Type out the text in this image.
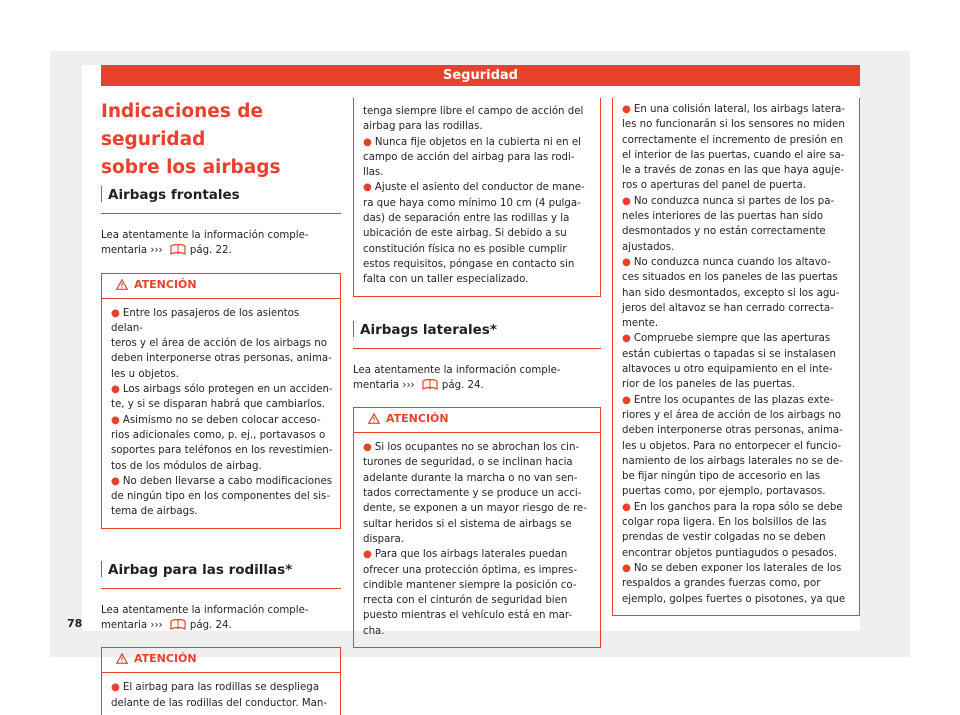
Seguridad
Indicaciones de seguridad
sobre los airbags
Airbags frontales

Lea atentamente la información comple-
mentaria ›››	pág. 22.

ATENCIÓN

● Entre los pasajeros de los asientos delan-
teros y el área de acción de los airbags no
deben interponerse otras personas, anima-
les u objetos.

● Los airbags sólo protegen en un acciden-
te, y si se disparan habrá que cambiarlos.

● Asimismo no se deben colocar acceso-
rios adicionales como, p. ej., portavasos o
soportes para teléfonos en los revestimien-
tos de los módulos de airbag.

● No deben llevarse a cabo modificaciones
de ningún tipo en los componentes del sis-
tema de airbags.

Airbag para las rodillas*

Lea atentamente la información comple-
mentaria ›››	pág. 24.

ATENCIÓN

● El airbag para las rodillas se despliega
delante de las rodillas del conductor. Man-

tenga siempre libre el campo de acción del
airbag para las rodillas.

● Nunca fije objetos en la cubierta ni en el
campo de acción del airbag para las rodi-
llas.

● Ajuste el asiento del conductor de mane-
ra que haya como mínimo 10 cm (4 pulga-
das) de separación entre las rodillas y la
ubicación de este airbag. Si debido a su
constitución física no es posible cumplir
estos requisitos, póngase en contacto sin
falta con un taller especializado.

Airbags laterales*

Lea atentamente la información comple-
mentaria ›››	pág. 24.

ATENCIÓN

● Si los ocupantes no se abrochan los cin-
turones de seguridad, o se inclinan hacia
adelante durante la marcha o no van sen-
tados correctamente y se produce un acci-
dente, se exponen a un mayor riesgo de re-
sultar heridos si el sistema de airbags se
dispara.

● Para que los airbags laterales puedan
ofrecer una protección óptima, es impres-
cindible mantener siempre la posición co-
rrecta con el cinturón de seguridad bien
puesto mientras el vehículo está en mar-
cha.

● En una colisión lateral, los airbags latera-
les no funcionarán si los sensores no miden
correctamente el incremento de presión en
el interior de las puertas, cuando el aire sa-
le a través de zonas en las que haya aguje-
ros o aperturas del panel de puerta.

● No conduzca nunca si partes de los pa-
neles interiores de las puertas han sido
desmontados y no están correctamente
ajustados.

● No conduzca nunca cuando los altavo-
ces situados en los paneles de las puertas
han sido desmontados, excepto si los agu-
jeros del altavoz se han cerrado correcta-
mente.

● Compruebe siempre que las aperturas
están cubiertas o tapadas si se instalasen
altavoces u otro equipamiento en el inte-
rior de los paneles de las puertas.

● Entre los ocupantes de las plazas exte-
riores y el área de acción de los airbags no
deben interponerse otras personas, anima-
les u objetos. Para no entorpecer el funcio-
namiento de los airbags laterales no se de-
be fijar ningún tipo de accesorio en las
puertas como, por ejemplo, portavasos.

● En los ganchos para la ropa sólo se debe
colgar ropa ligera. En los bolsillos de las
prendas de vestir colgadas no se deben
encontrar objetos puntiagudos o pesados.

● No se deben exponer los laterales de los
respaldos a grandes fuerzas como, por
ejemplo, golpes fuertes o pisotones, ya que

78
